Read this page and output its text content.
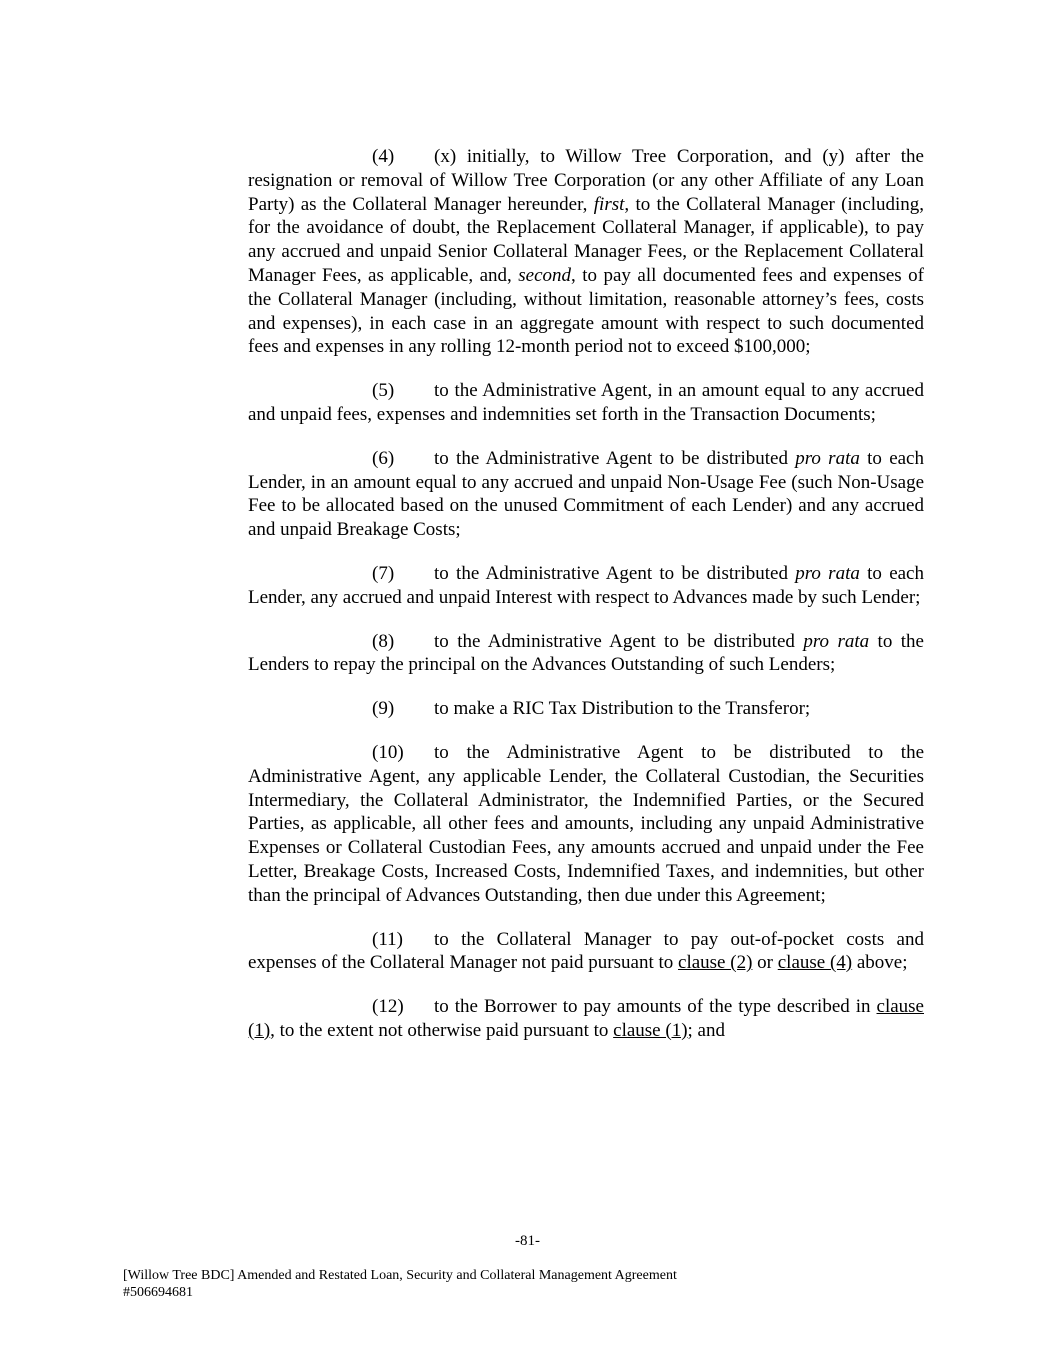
(4) (x) initially, to Willow Tree Corporation, and (y) after the resignation or removal of Willow Tree Corporation (or any other Affiliate of any Loan Party) as the Collateral Manager hereunder, first, to the Collateral Manager (including, for the avoidance of doubt, the Replacement Collateral Manager, if applicable), to pay any accrued and unpaid Senior Collateral Manager Fees, or the Replacement Collateral Manager Fees, as applicable, and, second, to pay all documented fees and expenses of the Collateral Manager (including, without limitation, reasonable attorney’s fees, costs and expenses), in each case in an aggregate amount with respect to such documented fees and expenses in any rolling 12-month period not to exceed $100,000;

(5) to the Administrative Agent, in an amount equal to any accrued and unpaid fees, expenses and indemnities set forth in the Transaction Documents;

(6) to the Administrative Agent to be distributed pro rata to each Lender, in an amount equal to any accrued and unpaid Non-Usage Fee (such Non-Usage Fee to be allocated based on the unused Commitment of each Lender) and any accrued and unpaid Breakage Costs;

(7) to the Administrative Agent to be distributed pro rata to each Lender, any accrued and unpaid Interest with respect to Advances made by such Lender;

(8) to the Administrative Agent to be distributed pro rata to the Lenders to repay the principal on the Advances Outstanding of such Lenders;

(9) to make a RIC Tax Distribution to the Transferor;

(10) to the Administrative Agent to be distributed to the Administrative Agent, any applicable Lender, the Collateral Custodian, the Securities Intermediary, the Collateral Administrator, the Indemnified Parties, or the Secured Parties, as applicable, all other fees and amounts, including any unpaid Administrative Expenses or Collateral Custodian Fees, any amounts accrued and unpaid under the Fee Letter, Breakage Costs, Increased Costs, Indemnified Taxes, and indemnities, but other than the principal of Advances Outstanding, then due under this Agreement;

(11) to the Collateral Manager to pay out-of-pocket costs and expenses of the Collateral Manager not paid pursuant to clause (2) or clause (4) above;

(12) to the Borrower to pay amounts of the type described in clause (1), to the extent not otherwise paid pursuant to clause (1); and

-81-
[Willow Tree BDC] Amended and Restated Loan, Security and Collateral Management Agreement
#506694681
